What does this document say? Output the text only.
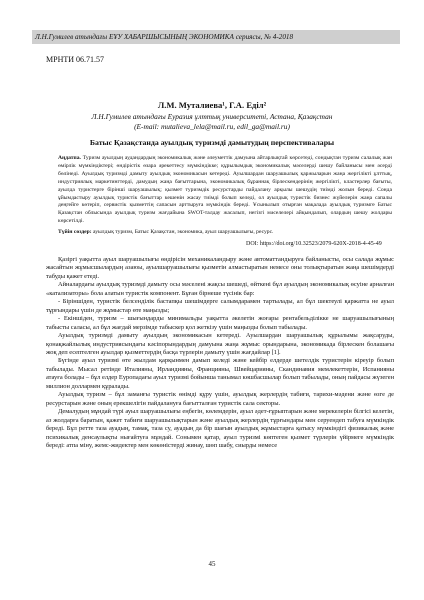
Л.Н.Гумилев атындағы ЕҰУ ХАБАРШЫСЫНЫҢ ЭКОНОМИКА сериясы, № 4-2018
МРНТИ 06.71.57
Л.М. Муталиева¹, Г.А. Еділ²
Л.Н.Гумилев атындағы Еуразия ұлттық университеті, Астана, Қазақстан
(E-mail: mutalieva_lela@mail.ru, edil_ga@mail.ru)
Батыс Қазақстанда ауылдық туризмді дамытудың перспективалары
Аңдатпа. Туризм ауылдың аудандардың экономикалық және әлеуметтік дамуына айтарлықтай көрсетеді, сондықтан туризм салалық жан өмірлік мүмкіндіктері; өндірістік өзара әрекеттесу мүмкіндікке; құрылымдық экономикалық мәселерді шешу байланысы мен әсерді бөлінеді. Ауылдық туризмді дамыту ауылдық экономикасын кетереді. Ауылшардан шаруашылық қаржыларын жаңа жергілікті ұлттық, индустриялық маркетингтерді, дамудың жаңа бағыттарына, экономикалық бұраннақ бірлескендерінің жергілікті, кластерлер бағыты, ауылда туристерге бірінші шаруашылық; қызмет туризмдік ресурстарды пайдалану арқылы шешудің тиімді жолын береді. Сонда ұйымдастыру ауылдық туристік бағыттар кешенін жасау тиімді болып келеді, ол ауылдық туристік бизнес жүйелерін жаңа сапалы деңгейге көтеріп, сервистік қызметтің сапасын арттыруға мүмкіндік береді. Ұсынылып отырған мақалада ауылдық туризмге Батыс Қазақстан облысында ауылдық туризм жағдайына SWOT-талдау жасалып, негізгі мәселелері айқындалып, олардың шешу жолдары көрсетілді.
Түйін сөздер: ауылдық туризм, Батыс Қазақстан, экономика, ауыл шаруашылығы, ресурс.
DOI: https://doi.org/10.32523/2079-620X-2018-4-45-49

Қазіргі уақытта ауыл шаруашылығы өндірісін механикаландыру және автоматтандыруға байланысты, осы салада жұмыс жасайтын жұмысшылардың азаюы, ауылшаруашылығы қызметін алмастыратын немесе оны толықтыратын жаңа шешімдерді табуды қажет етеді.

Айналардағы ауылдық туризмді дамыту осы мәселені жақсы шешеді, өйткені бұл ауылдың экономикалық өсуіне арналған «катализаторы» бола алатын туристік компонент. Бұған бірнеше түсінік бар:

- Біріншіден, туристік белсенділік бастапқы шешімдерге салымдарамен тартылады, ал бұл шектеулі қаржатта не ауыл тұрғындары үшін де жұмыстар өте маңызды;

- Екіншіден, туризм – шығындарды минимальды уақытта әкелетін жоғары рентабельділікке не шаруашылығының табысты саласы, ал бұл жағдай мерзімде табыскер қол жеткізу үшін маңызды болып табылады.

Ауылдық туризмді дамыту ауылдың экономикасын кетереді. Ауылшардан шаруашылық құрылымы жақсаруды, қонақжайлылық индустриясындағы кәсіпорындардың дамуына жаңа жұмыс орындарына, экономикада бірлескен болашағы жоқ деп есептелген ауылдар қызметтердің басқа түрлерін дамыту үшін жағдайлар [1].

Бүгінде ауыл туризмі өте жылдам қарқынмен дамып келеді және кейбір елдерде шетелдік туристерін кіреуір болып табылады. Мысал ретінде Италияны, Ирландияны, Францияны, Швейцарияны, Скандинавия мемлекеттерін, Испанияны атауға болады – бұл елдер Еуропадағы ауыл туризмі бойынша танымал көшбасшылар болып табылады, оның пайдасы жүзеген миллион доллармен құралады.

Ауылдық туризм – бұл заманғы туристік өнімді құру үшін, ауылдық жерлердің табиғи, тарихи-мәдени және өзге де ресурстарын және оның ерекшелігін пайдалануға бағытталған туристік сала секторы.

Демалудың мұндай түрі ауыл шаруашылығы еңбегін, көлемдерін, ауыл әдет-ғұрыптарын және мерекелерін білгісі келетін, аз жолдарға баратын, қажет табиғи шаруашылықтарын және ауылдық жерлердің тұрғындары мен серуендеп табуға мүмкіндік береді. Бұл ретте таза ауадың, тамақ, таза су, ауадың да бір шағын ауылдық жұмыстарға қатысу мүмкіндігі физикалық және психикалық денсаулықты нығайтуға мұндай. Сонымен қатар, ауыл туризмі көптеген қызмет түрлерін үйірмеге мүмкіндік береді: атпа міну, жемс-жидектер мен көкөністерді жинау, шөп шабу, сиырды немесе

45
